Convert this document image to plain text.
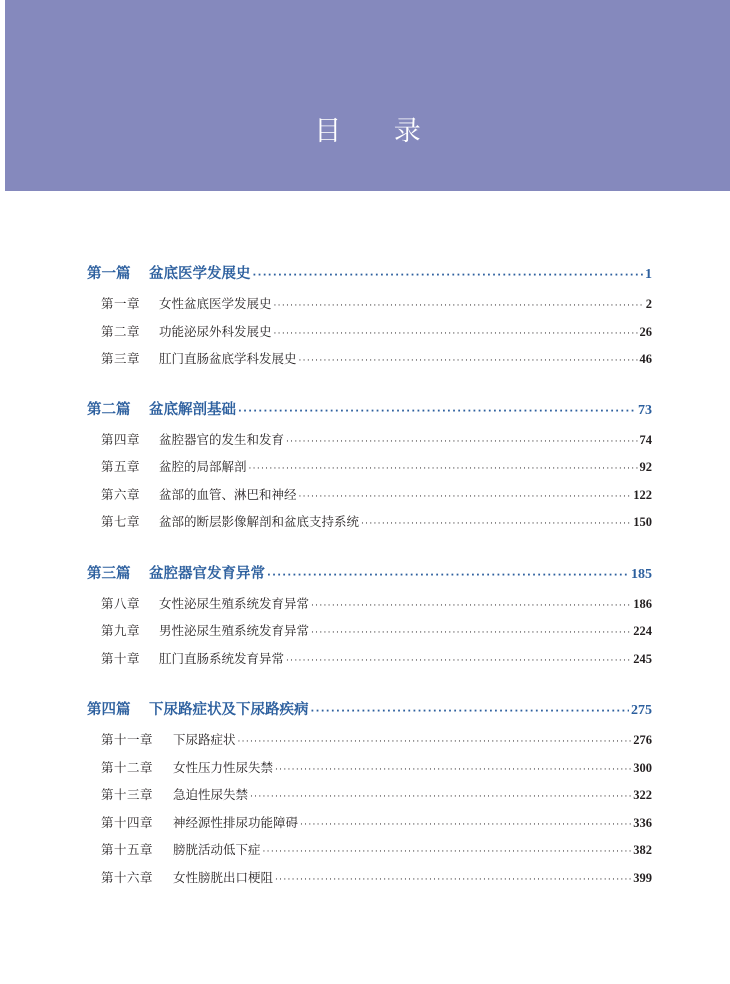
目 录
第一篇	盆底医学发展史 ·····	1
第一章	女性盆底医学发展史 ·····	2
第二章	功能泌尿外科发展史 ·····	26
第三章	肛门直肠盆底学科发展史 ·····	46
第二篇	盆底解剖基础 ·····	73
第四章	盆腔器官的发生和发育 ·····	74
第五章	盆腔的局部解剖 ·····	92
第六章	盆部的血管、淋巴和神经 ·····	122
第七章	盆部的断层影像解剖和盆底支持系统 ·····	150
第三篇	盆腔器官发育异常 ·····	185
第八章	女性泌尿生殖系统发育异常 ·····	186
第九章	男性泌尿生殖系统发育异常 ·····	224
第十章	肛门直肠系统发育异常 ·····	245
第四篇	下尿路症状及下尿路疾病 ·····	275
第十一章	下尿路症状 ·····	276
第十二章	女性压力性尿失禁 ·····	300
第十三章	急迫性尿失禁 ·····	322
第十四章	神经源性排尿功能障碍 ·····	336
第十五章	膀胱活动低下症 ·····	382
第十六章	女性膀胱出口梗阻 ·····	399
